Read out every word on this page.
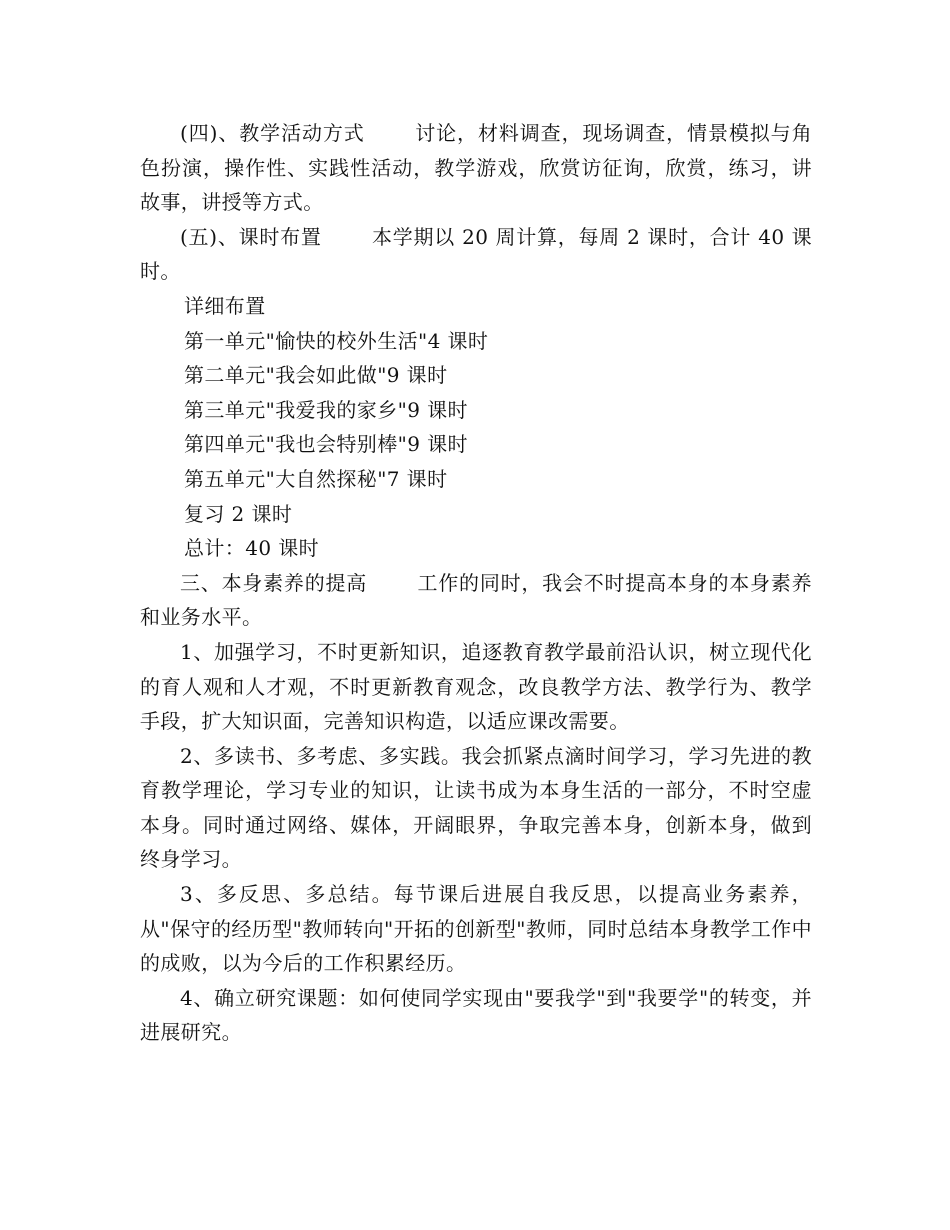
(四)、教学活动方式	讨论，材料调查，现场调查，情景模拟与角色扮演，操作性、实践性活动，教学游戏，欣赏访征询，欣赏，练习，讲故事，讲授等方式。

(五)、课时布置	本学期以 20 周计算，每周 2 课时，合计 40 课时。

详细布置

第一单元"愉快的校外生活"4 课时

第二单元"我会如此做"9 课时

第三单元"我爱我的家乡"9 课时

第四单元"我也会特别棒"9 课时

第五单元"大自然探秘"7 课时

复习 2 课时

总计：40 课时

三、本身素养的提高	工作的同时，我会不时提高本身的本身素养和业务水平。

1、加强学习，不时更新知识，追逐教育教学最前沿认识，树立现代化的育人观和人才观，不时更新教育观念，改良教学方法、教学行为、教学手段，扩大知识面，完善知识构造，以适应课改需要。

2、多读书、多考虑、多实践。我会抓紧点滴时间学习，学习先进的教育教学理论，学习专业的知识，让读书成为本身生活的一部分，不时空虚本身。同时通过网络、媒体，开阔眼界，争取完善本身，创新本身，做到终身学习。

3、多反思、多总结。每节课后进展自我反思，以提高业务素养，从"保守的经历型"教师转向"开拓的创新型"教师，同时总结本身教学工作中的成败，以为今后的工作积累经历。

4、确立研究课题：如何使同学实现由"要我学"到"我要学"的转变，并进展研究。
